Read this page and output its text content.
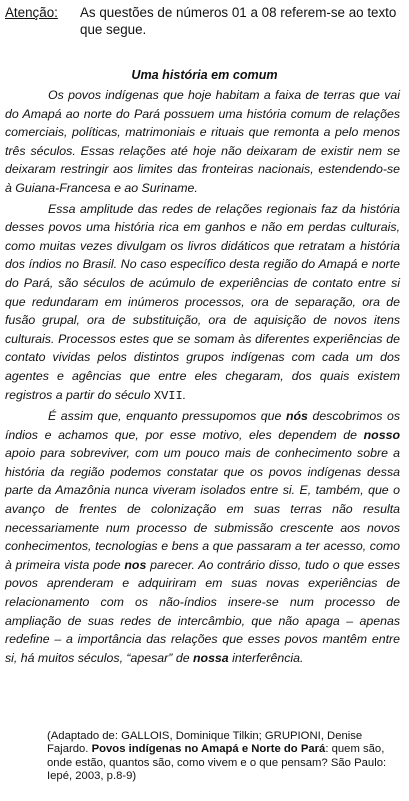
Atenção: As questões de números 01 a 08 referem-se ao texto que segue.
Uma história em comum

Os povos indígenas que hoje habitam a faixa de terras que vai do Amapá ao norte do Pará possuem uma história comum de relações comerciais, políticas, matrimoniais e rituais que remonta a pelo menos três séculos. Essas relações até hoje não deixaram de existir nem se deixaram restringir aos limites das fronteiras nacionais, estendendo-se à Guiana-Francesa e ao Suriname.

Essa amplitude das redes de relações regionais faz da história desses povos uma história rica em ganhos e não em perdas culturais, como muitas vezes divulgam os livros didáticos que retratam a história dos índios no Brasil. No caso específico desta região do Amapá e norte do Pará, são séculos de acúmulo de experiências de contato entre si que redundaram em inúmeros processos, ora de separação, ora de fusão grupal, ora de substituição, ora de aquisição de novos itens culturais. Processos estes que se somam às diferentes experiências de contato vividas pelos distintos grupos indígenas com cada um dos agentes e agências que entre eles chegaram, dos quais existem registros a partir do século XVII.

É assim que, enquanto pressupomos que nós descobrimos os índios e achamos que, por esse motivo, eles dependem de nosso apoio para sobreviver, com um pouco mais de conhecimento sobre a história da região podemos constatar que os povos indígenas dessa parte da Amazônia nunca viveram isolados entre si. E, também, que o avanço de frentes de colonização em suas terras não resulta necessariamente num processo de submissão crescente aos novos conhecimentos, tecnologias e bens a que passaram a ter acesso, como à primeira vista pode nos parecer. Ao contrário disso, tudo o que esses povos aprenderam e adquiriram em suas novas experiências de relacionamento com os não-índios insere-se num processo de ampliação de suas redes de intercâmbio, que não apaga – apenas redefine – a importância das relações que esses povos mantêm entre si, há muitos séculos, “apesar” de nossa interferência.

(Adaptado de: GALLOIS, Dominique Tilkin; GRUPIONI, Denise Fajardo. Povos indígenas no Amapá e Norte do Pará: quem são, onde estão, quantos são, como vivem e o que pensam? São Paulo: Iepé, 2003, p.8-9)
